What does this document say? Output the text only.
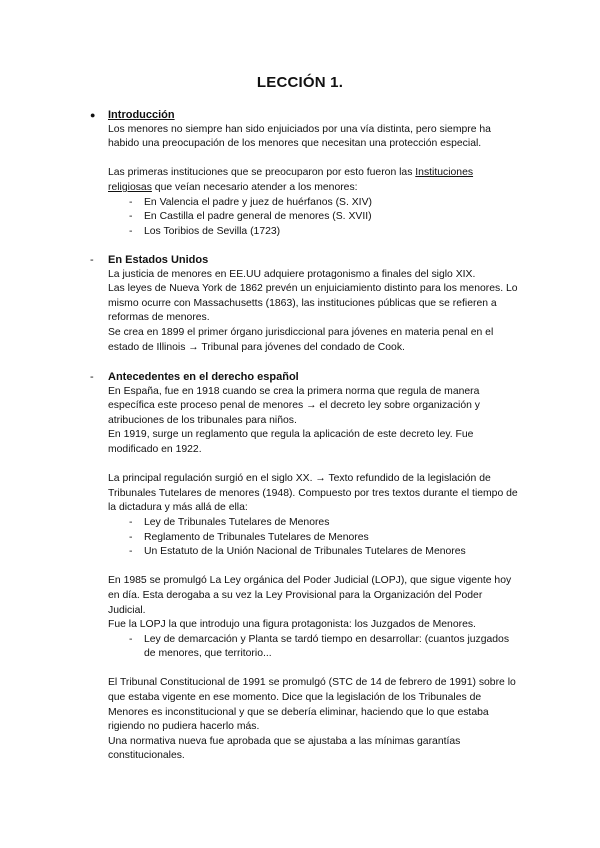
LECCIÓN 1.
● Introducción

Los menores no siempre han sido enjuiciados por una vía distinta, pero siempre ha habido una preocupación de los menores que necesitan una protección especial.

Las primeras instituciones que se preocuparon por esto fueron las Instituciones religiosas que veían necesario atender a los menores:

- En Valencia el padre y juez de huérfanos (S. XIV)
- En Castilla el padre general de menores (S. XVII)
- Los Toribios de Sevilla (1723)
- En Estados Unidos

La justicia de menores en EE.UU adquiere protagonismo a finales del siglo XIX.

Las leyes de Nueva York de 1862 prevén un enjuiciamiento distinto para los menores. Lo mismo ocurre con Massachusetts (1863), las instituciones públicas que se refieren a reformas de menores.

Se crea en 1899 el primer órgano jurisdiccional para jóvenes en materia penal en el estado de Illinois → Tribunal para jóvenes del condado de Cook.

- Antecedentes en el derecho español

En España, fue en 1918 cuando se crea la primera norma que regula de manera específica este proceso penal de menores → el decreto ley sobre organización y atribuciones de los tribunales para niños.

En 1919, surge un reglamento que regula la aplicación de este decreto ley. Fue modificado en 1922.

La principal regulación surgió en el siglo XX. → Texto refundido de la legislación de Tribunales Tutelares de menores (1948). Compuesto por tres textos durante el tiempo de la dictadura y más allá de ella:

- Ley de Tribunales Tutelares de Menores
- Reglamento de Tribunales Tutelares de Menores
- Un Estatuto de la Unión Nacional de Tribunales Tutelares de Menores

En 1985 se promulgó La Ley orgánica del Poder Judicial (LOPJ), que sigue vigente hoy en día. Esta derogaba a su vez la Ley Provisional para la Organización del Poder Judicial.

Fue la LOPJ la que introdujo una figura protagonista: los Juzgados de Menores.

- Ley de demarcación y Planta se tardó tiempo en desarrollar: (cuantos juzgados de menores, que territorio...

El Tribunal Constitucional de 1991 se promulgó (STC de 14 de febrero de 1991) sobre lo que estaba vigente en ese momento. Dice que la legislación de los Tribunales de Menores es inconstitucional y que se debería eliminar, haciendo que lo que estaba rigiendo no pudiera hacerlo más.

Una normativa nueva fue aprobada que se ajustaba a las mínimas garantías constitucionales.
